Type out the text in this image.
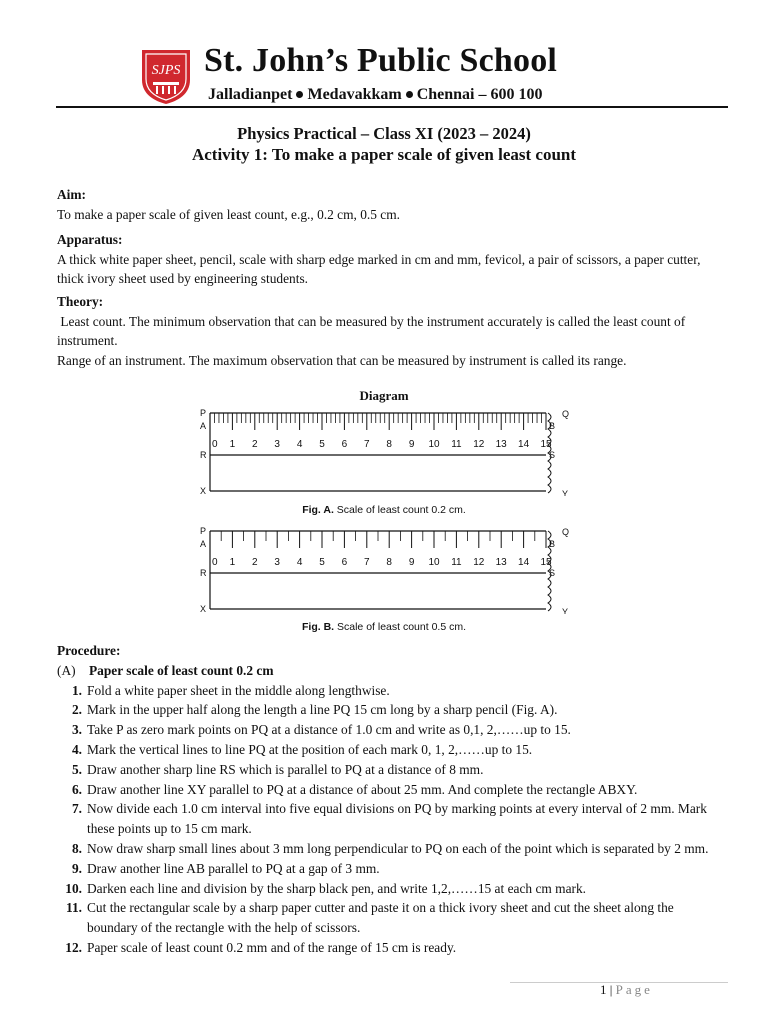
SJPS St. John’s Public School
Jalladianpet Medavakkam Chennai – 600 100
Physics Practical – Class XI (2023 – 2024)
Activity 1: To make a paper scale of given least count
Aim:
To make a paper scale of given least count, e.g., 0.2 cm, 0.5 cm.
Apparatus:
A thick white paper sheet, pencil, scale with sharp edge marked in cm and mm, fevicol, a pair of scissors, a paper cutter, thick ivory sheet used by engineering students.
Theory:
Least count. The minimum observation that can be measured by the instrument accurately is called the least count of instrument.
Range of an instrument. The maximum observation that can be measured by instrument is called its range.
Diagram
0 1 2 3 4 5 6 7 8 9 10 11 12 13 14 15
P
A
R
X
Q
B
S
Y
Fig. A. Scale of least count 0.2 cm.
0 1 2 3 4 5 6 7 8 9 10 11 12 13 14 15
P
A
R
X
Q
B
S
Y
Fig. B. Scale of least count 0.5 cm.
Procedure:
(A) Paper scale of least count 0.2 cm
1. Fold a white paper sheet in the middle along lengthwise.
2. Mark in the upper half along the length a line PQ 15 cm long by a sharp pencil (Fig. A).
3. Take P as zero mark points on PQ at a distance of 1.0 cm and write as 0,1, 2,……up to 15.
4. Mark the vertical lines to line PQ at the position of each mark 0, 1, 2,……up to 15.
5. Draw another sharp line RS which is parallel to PQ at a distance of 8 mm.
6. Draw another line XY parallel to PQ at a distance of about 25 mm. And complete the rectangle ABXY.
7. Now divide each 1.0 cm interval into five equal divisions on PQ by marking points at every interval of 2 mm. Mark these points up to 15 cm mark.
8. Now draw sharp small lines about 3 mm long perpendicular to PQ on each of the point which is separated by 2 mm.
9. Draw another line AB parallel to PQ at a gap of 3 mm.
10. Darken each line and division by the sharp black pen, and write 1,2,……15 at each cm mark.
11. Cut the rectangular scale by a sharp paper cutter and paste it on a thick ivory sheet and cut the sheet along the boundary of the rectangle with the help of scissors.
12. Paper scale of least count 0.2 mm and of the range of 15 cm is ready.
1 | Page
